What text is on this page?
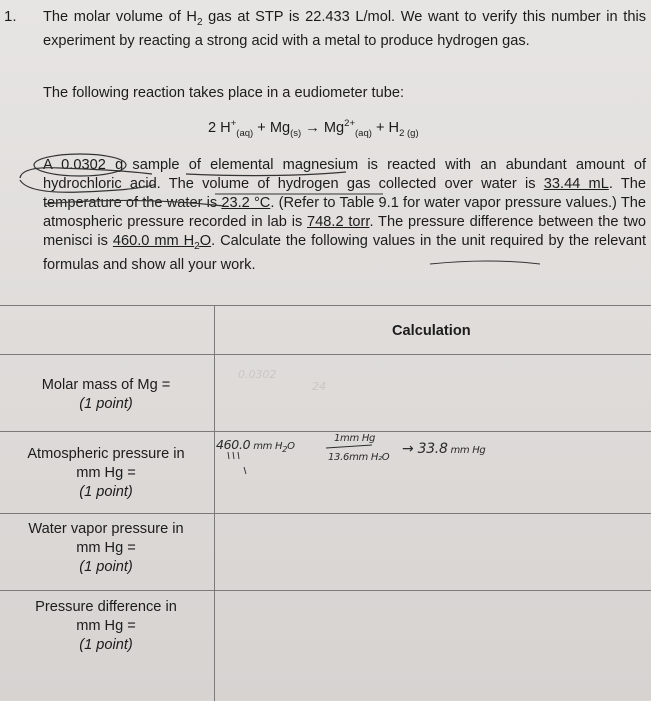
1. The molar volume of $H_2$ gas at STP is 22.433 L/mol. We want to verify this number in this experiment by reacting a strong acid with a metal to produce hydrogen gas.
The following reaction takes place in a eudiometer tube:
2 $H^+_{(aq)} + Mg_{(s)} \to Mg^{2+}_{(aq)} + H_{2 (g)}$
A 0.0302 g sample of elemental magnesium is reacted with an abundant amount of hydrochloric acid. The volume of hydrogen gas collected over water is 33.44 mL. The temperature of the water is 23.2 °C. (Refer to Table 9.1 for water vapor pressure values.) The atmospheric pressure recorded in lab is 748.2 torr. The pressure difference between the two menisci is 460.0 mm $H_2O$. Calculate the following values in the unit required by the relevant formulas and show all your work.
Calculation
Molar mass of Mg =
(1 point)
Atmospheric pressure in
mm Hg =
(1 point)
Water vapor pressure in
mm Hg =
(1 point)
Pressure difference in
mm Hg =
(1 point)
0.0302
24
460.0 mm $H_2O$
1mm Hg
13.6mm H₂O
→ 33.8 mm Hg
